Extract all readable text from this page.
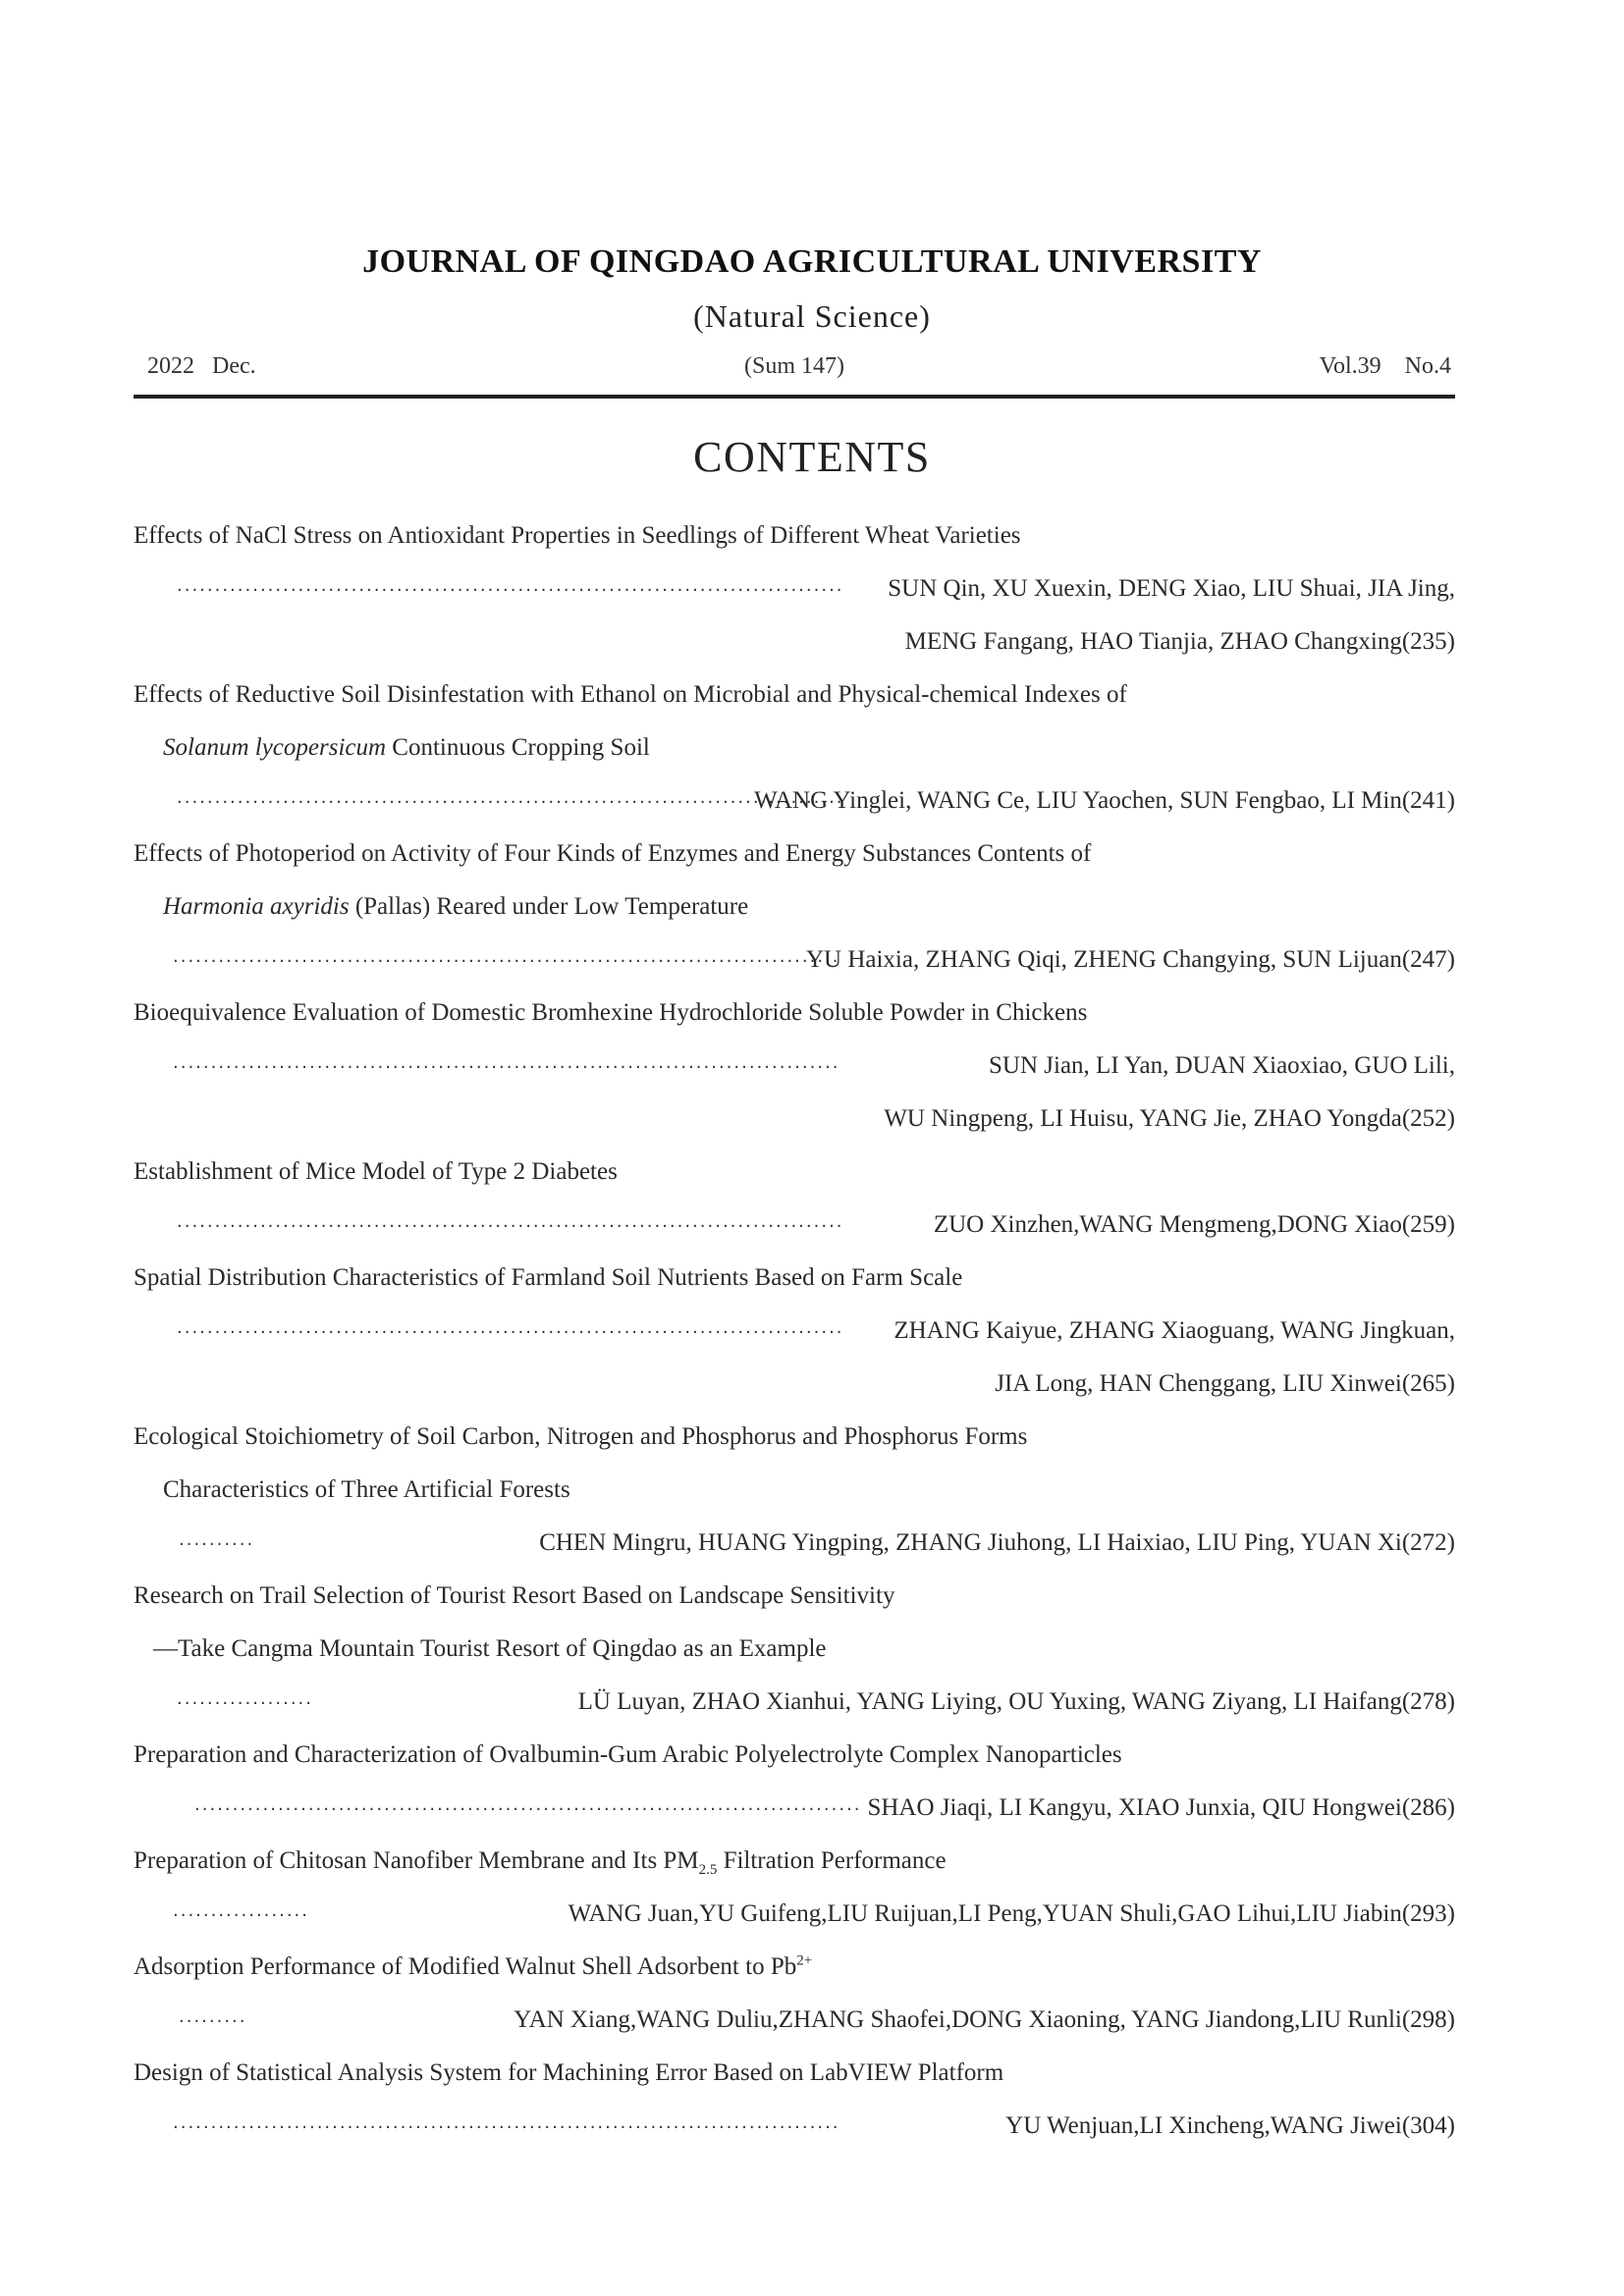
JOURNAL OF QINGDAO AGRICULTURAL UNIVERSITY
(Natural Science)
2022   Dec.	(Sum 147)	Vol.39    No.4
CONTENTS
Effects of NaCl Stress on Antioxidant Properties in Seedlings of Different Wheat Varieties
························································································	SUN Qin, XU Xuexin, DENG Xiao, LIU Shuai, JIA Jing,
MENG Fangang, HAO Tianjia, ZHAO Changxing(235)
Effects of Reductive Soil Disinfestation with Ethanol on Microbial and Physical-chemical Indexes of
Solanum lycopersicum Continuous Cropping Soil
························································································
WANG Yinglei, WANG Ce, LIU Yaochen, SUN Fengbao, LI Min(241)
Effects of Photoperiod on Activity of Four Kinds of Enzymes and Energy Substances Contents of
Harmonia axyridis (Pallas) Reared under Low Temperature
························································································
YU Haixia, ZHANG Qiqi, ZHENG Changying, SUN Lijuan(247)
Bioequivalence Evaluation of Domestic Bromhexine Hydrochloride Soluble Powder in Chickens
························································································	SUN Jian, LI Yan, DUAN Xiaoxiao, GUO Lili,
WU Ningpeng, LI Huisu, YANG Jie, ZHAO Yongda(252)
Establishment of Mice Model of Type 2 Diabetes
························································································	ZUO Xinzhen,WANG Mengmeng,DONG Xiao(259)
Spatial Distribution Characteristics of Farmland Soil Nutrients Based on Farm Scale
························································································	ZHANG Kaiyue, ZHANG Xiaoguang, WANG Jingkuan,
JIA Long, HAN Chenggang, LIU Xinwei(265)
Ecological Stoichiometry of Soil Carbon, Nitrogen and Phosphorus and Phosphorus Forms
Characteristics of Three Artificial Forests
··········	CHEN Mingru, HUANG Yingping, ZHANG Jiuhong, LI Haixiao, LIU Ping, YUAN Xi(272)
Research on Trail Selection of Tourist Resort Based on Landscape Sensitivity
—Take Cangma Mountain Tourist Resort of Qingdao as an Example
··················	LÜ Luyan, ZHAO Xianhui, YANG Liying, OU Yuxing, WANG Ziyang, LI Haifang(278)
Preparation and Characterization of Ovalbumin-Gum Arabic Polyelectrolyte Complex Nanoparticles
························································································ SHAO Jiaqi, LI Kangyu, XIAO Junxia, QIU Hongwei(286)
Preparation of Chitosan Nanofiber Membrane and Its $PM_{2.5}$ Filtration Performance
··················	WANG Juan,YU Guifeng,LIU Ruijuan,LI Peng,YUAN Shuli,GAO Lihui,LIU Jiabin(293)
Adsorption Performance of Modified Walnut Shell Adsorbent to $Pb^{2+}$
·········	YAN Xiang,WANG Duliu,ZHANG Shaofei,DONG Xiaoning, YANG Jiandong,LIU Runli(298)
Design of Statistical Analysis System for Machining Error Based on LabVIEW Platform
························································································	YU Wenjuan,LI Xincheng,WANG Jiwei(304)
